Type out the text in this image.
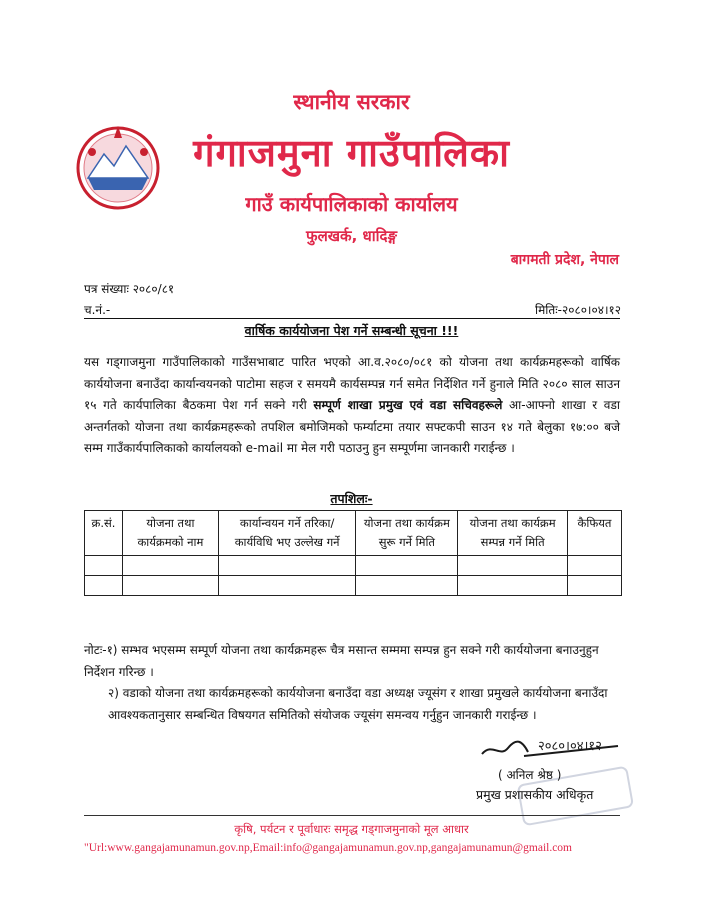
स्थानीय सरकार
गंगाजमुना गाउँपालिका
गाउँ कार्यपालिकाको कार्यालय
फुलखर्क, धादिङ्ग
बागमती प्रदेश, नेपाल
पत्र संख्याः २०८०/८१
च.नं.-	मितिः-२०८०।०४।१२
वार्षिक कार्ययोजना पेश गर्ने सम्बन्धी सूचना !!!
यस गड्गाजमुना गाउँपालिकाको गाउँसभाबाट पारित भएको आ.व.२०८०/०८१ को योजना तथा कार्यक्रमहरूको वार्षिक कार्ययोजना बनाउँदा कार्यान्वयनको पाटोमा सहज र समयमै कार्यसम्पन्न गर्न समेत निर्देशित गर्ने हुनाले मिति २०८० साल साउन १५ गते कार्यपालिका बैठकमा पेश गर्न सक्ने गरी सम्पूर्ण शाखा प्रमुख एवं वडा सचिवहरूले आ-आफ्नो शाखा र वडा अन्तर्गतको योजना तथा कार्यक्रमहरूको तपशिल बमोजिमको फर्म्याटमा तयार सफ्टकपी साउन १४ गते बेलुका १७:०० बजे सम्म गाउँकार्यपालिकाको कार्यालयको e-mail मा मेल गरी पठाउनु हुन सम्पूर्णमा जानकारी गराईन्छ ।
तपशिलः-
क्र.सं.	योजना तथा कार्यक्रमको नाम	कार्यान्वयन गर्ने तरिका/कार्यविधि भए उल्लेख गर्ने	योजना तथा कार्यक्रम सुरू गर्ने मिति	योजना तथा कार्यक्रम सम्पन्न गर्ने मिति	कैफियत

नोटः-१) सम्भव भएसम्म सम्पूर्ण योजना तथा कार्यक्रमहरू चैत्र मसान्त सम्ममा सम्पन्न हुन सक्ने गरी कार्ययोजना बनाउनुहुन निर्देशन गरिन्छ ।
२) वडाको योजना तथा कार्यक्रमहरूको कार्ययोजना बनाउँदा वडा अध्यक्ष ज्यूसंग र शाखा प्रमुखले कार्ययोजना बनाउँदा आवश्यकतानुसार सम्बन्धित विषयगत समितिको संयोजक ज्यूसंग समन्वय गर्नुहुन जानकारी गराईन्छ ।
२०८०।०४।१२
( अनिल श्रेष्ठ )
प्रमुख प्रशासकीय अधिकृत
कृषि, पर्यटन र पूर्वाधारः समृद्ध गड्गाजमुनाको मूल आधार
"Url:www.gangajamunamun.gov.np,Email:info@gangajamunamun.gov.np,gangajamunamun@gmail.com
